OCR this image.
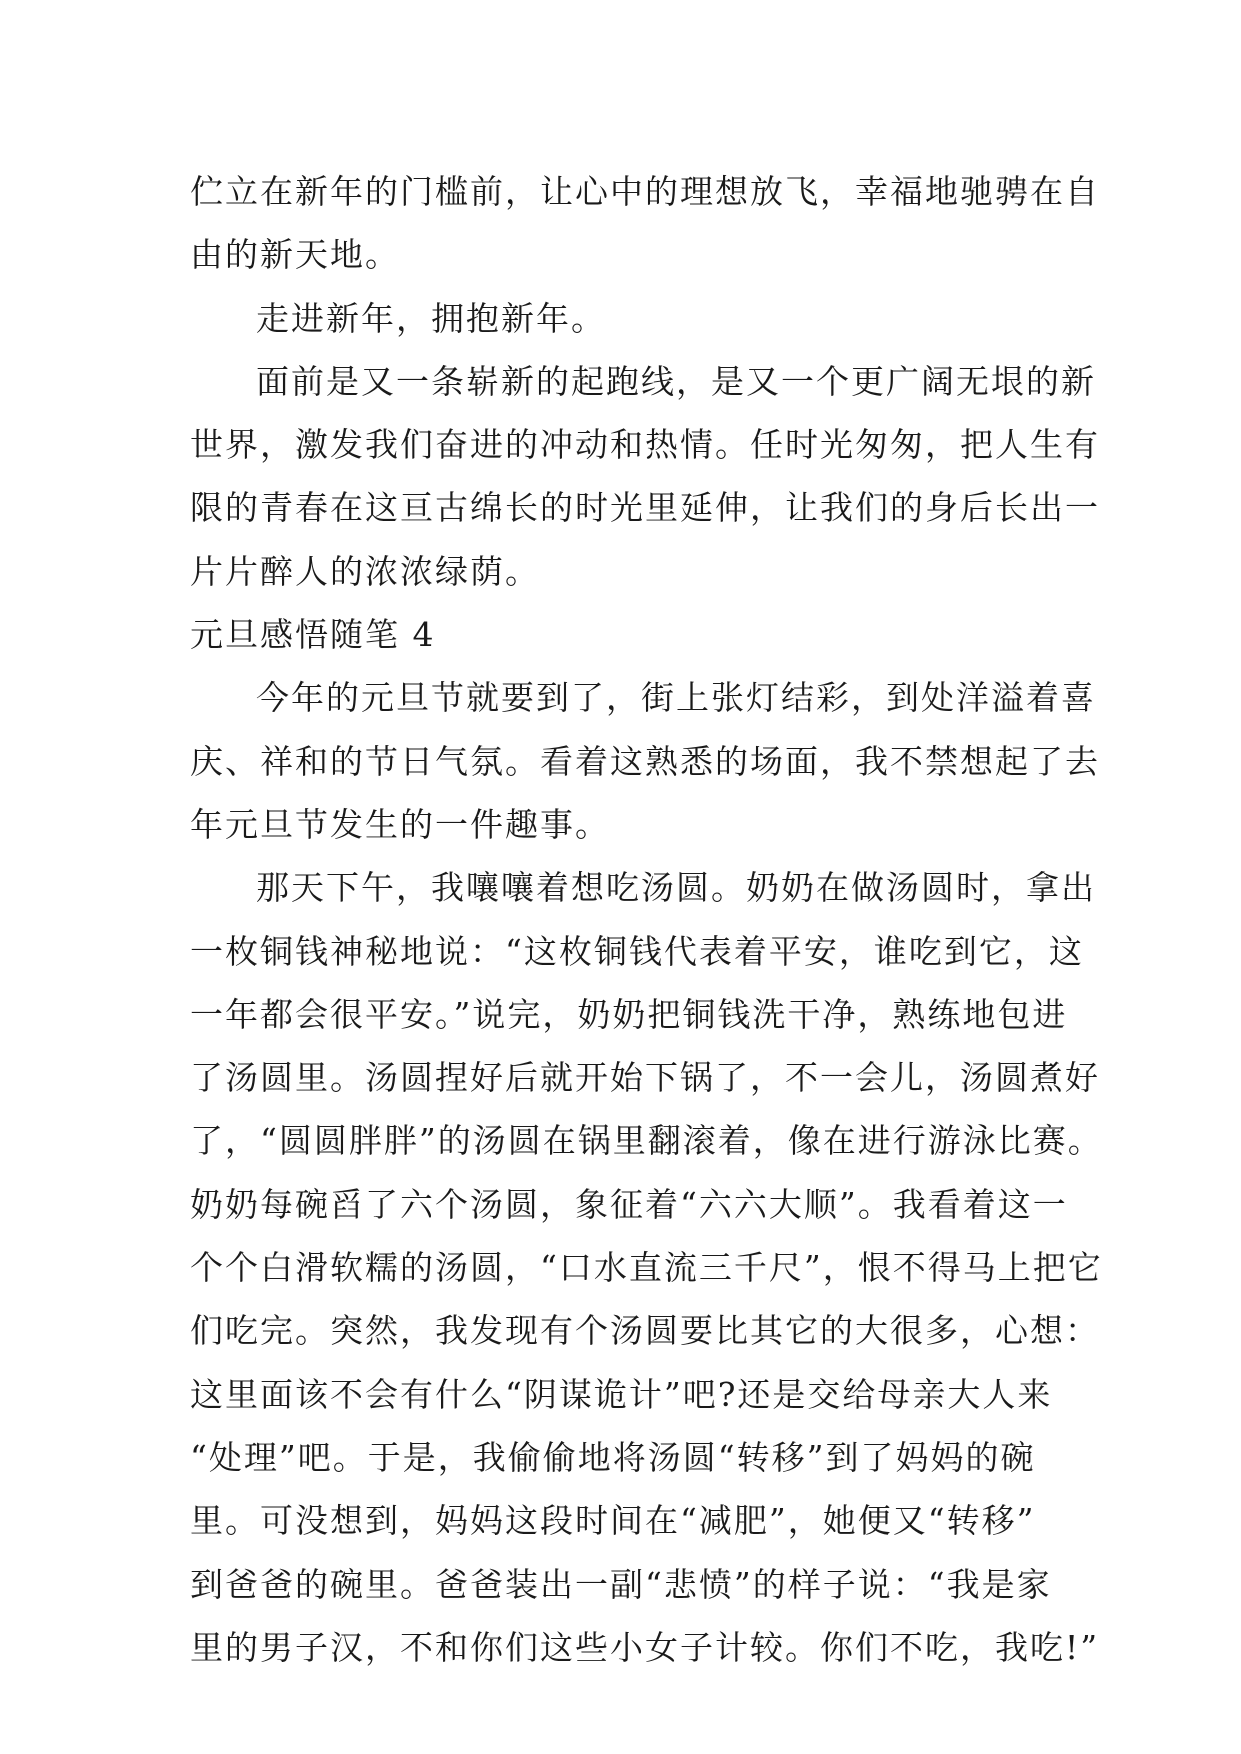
伫立在新年的门槛前，让心中的理想放飞，幸福地驰骋在自
由的新天地。
走进新年，拥抱新年。
面前是又一条崭新的起跑线，是又一个更广阔无垠的新
世界，激发我们奋进的冲动和热情。任时光匆匆，把人生有
限的青春在这亘古绵长的时光里延伸，让我们的身后长出一
片片醉人的浓浓绿荫。
元旦感悟随笔 4
今年的元旦节就要到了，街上张灯结彩，到处洋溢着喜
庆、祥和的节日气氛。看着这熟悉的场面，我不禁想起了去
年元旦节发生的一件趣事。
那天下午，我嚷嚷着想吃汤圆。奶奶在做汤圆时，拿出
一枚铜钱神秘地说：“这枚铜钱代表着平安，谁吃到它，这
一年都会很平安。”说完，奶奶把铜钱洗干净，熟练地包进
了汤圆里。汤圆捏好后就开始下锅了，不一会儿，汤圆煮好
了，“圆圆胖胖”的汤圆在锅里翻滚着，像在进行游泳比赛。
奶奶每碗舀了六个汤圆，象征着“六六大顺”。我看着这一
个个白滑软糯的汤圆，“口水直流三千尺”，恨不得马上把它
们吃完。突然，我发现有个汤圆要比其它的大很多，心想：
这里面该不会有什么“阴谋诡计”吧?还是交给母亲大人来
“处理”吧。于是，我偷偷地将汤圆“转移”到了妈妈的碗
里。可没想到，妈妈这段时间在“减肥”，她便又“转移”
到爸爸的碗里。爸爸装出一副“悲愤”的样子说：“我是家
里的男子汉，不和你们这些小女子计较。你们不吃，我吃!”
